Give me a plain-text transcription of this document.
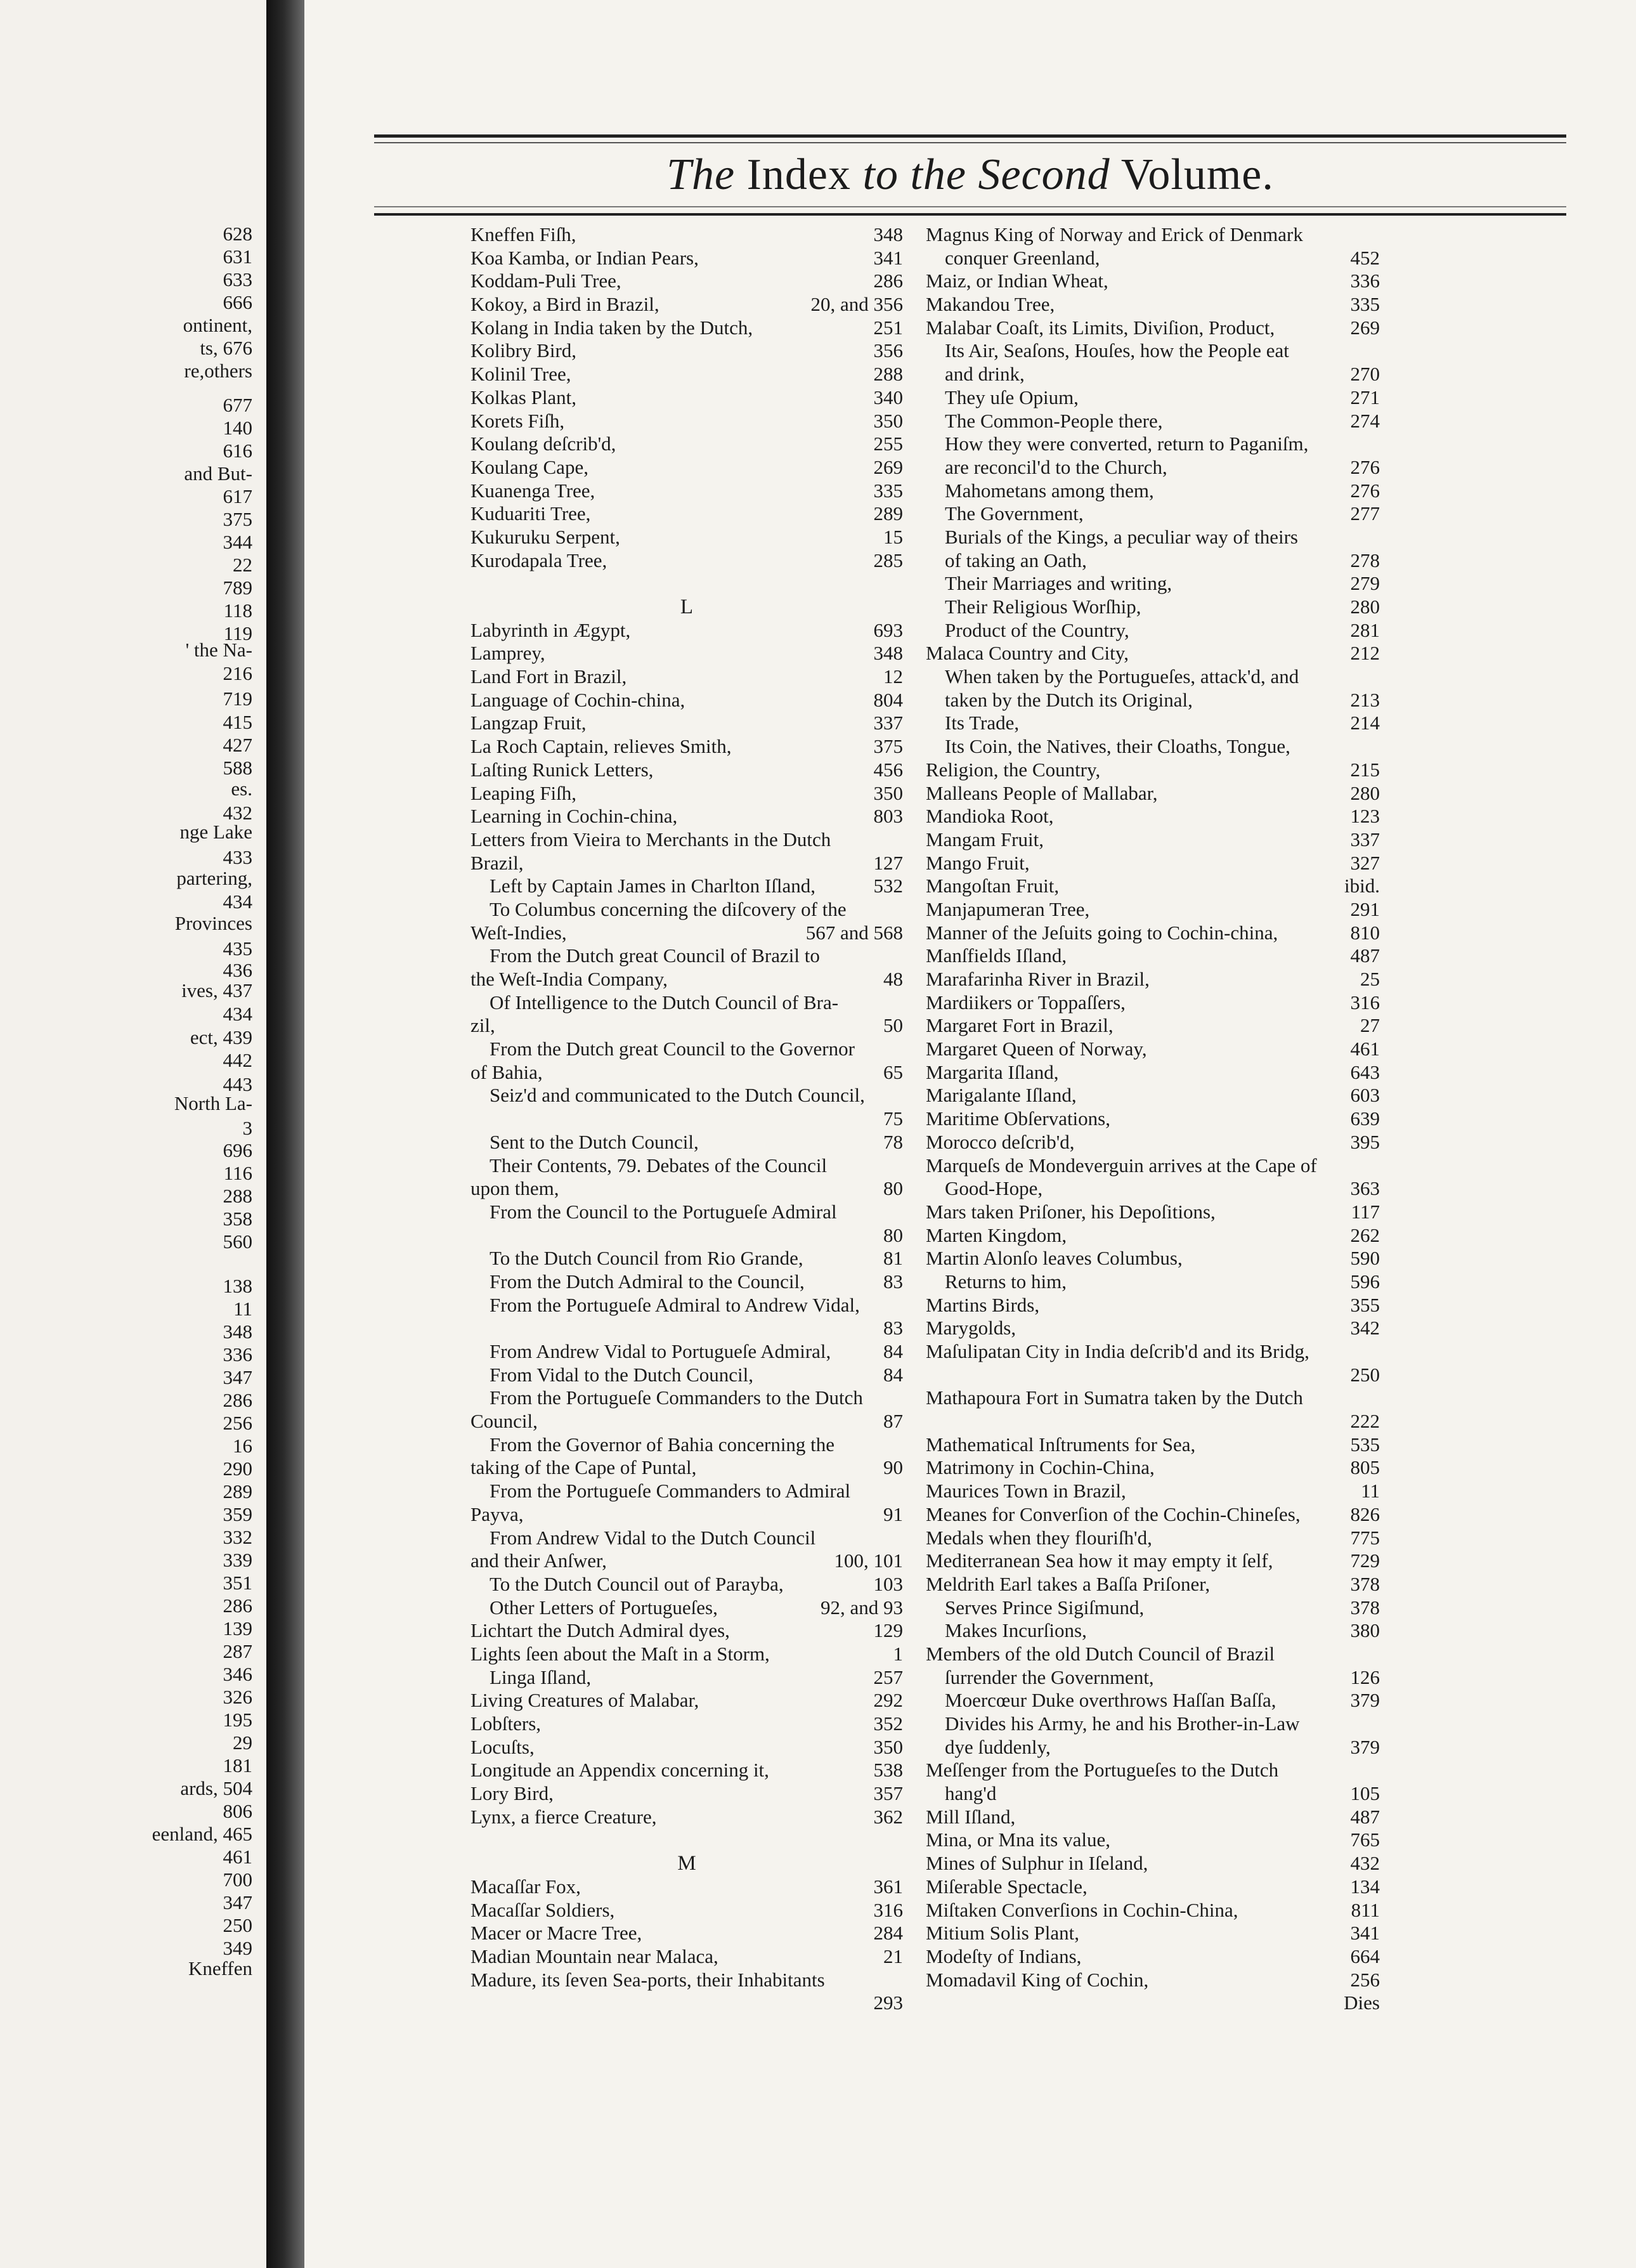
628
631
633
666
ontinent,
ts, 676
re,others
677
140
616
and But-
617
375
344
22
789
118
119
' the Na-
216
719
415
427
588
es.
432
nge Lake
433
partering,
434
Provinces
435
436
ives, 437
434
ect, 439
442
443
North La-
3
696
116
288
358
560
138
11
348
336
347
286
256
16
290
289
359
332
339
351
286
139
287
346
326
195
29
181
ards, 504
806
eenland, 465
461
700
347
250
349
Kneffen
The Index to the Second Volume.
Kneffen Fiſh,	348
Koa Kamba, or Indian Pears,	341
Koddam-Puli Tree,	286
Kokoy, a Bird in Brazil,	20, and 356
Kolang in India taken by the Dutch,	251
Kolibry Bird,	356
Kolinil Tree,	288
Kolkas Plant,	340
Korets Fiſh,	350
Koulang deſcrib'd,	255
Koulang Cape,	269
Kuanenga Tree,	335
Kuduariti Tree,	289
Kukuruku Serpent,	15
Kurodapala Tree,	285
L
Labyrinth in Ægypt,	693
Lamprey,	348
Land Fort in Brazil,	12
Language of Cochin-china,	804
Langzap Fruit,	337
La Roch Captain, relieves Smith,	375
Laſting Runick Letters,	456
Leaping Fiſh,	350
Learning in Cochin-china,	803
Letters from Vieira to Merchants in the Dutch
Brazil,	127
Left by Captain James in Charlton Iſland,	532
To Columbus concerning the diſcovery of the
Weſt-Indies,	567 and 568
From the Dutch great Council of Brazil to
the Weſt-India Company,	48
Of Intelligence to the Dutch Council of Bra-
zil,	50
From the Dutch great Council to the Governor
of Bahia,	65
Seiz'd and communicated to the Dutch Council,
75
Sent to the Dutch Council,	78
Their Contents, 79. Debates of the Council
upon them,	80
From the Council to the Portugueſe Admiral
80
To the Dutch Council from Rio Grande,	81
From the Dutch Admiral to the Council,	83
From the Portugueſe Admiral to Andrew Vidal,
83
From Andrew Vidal to Portugueſe Admiral,	84
From Vidal to the Dutch Council,	84
From the Portugueſe Commanders to the Dutch
Council,	87
From the Governor of Bahia concerning the
taking of the Cape of Puntal,	90
From the Portugueſe Commanders to Admiral
Payva,	91
From Andrew Vidal to the Dutch Council
and their Anſwer,	100, 101
To the Dutch Council out of Parayba,	103
Other Letters of Portugueſes,	92, and 93
Lichtart the Dutch Admiral dyes,	129
Lights ſeen about the Maſt in a Storm,	1
Linga Iſland,	257
Living Creatures of Malabar,	292
Lobſters,	352
Locuſts,	350
Longitude an Appendix concerning it,	538
Lory Bird,	357
Lynx, a fierce Creature,	362
M
Macaſſar Fox,	361
Macaſſar Soldiers,	316
Macer or Macre Tree,	284
Madian Mountain near Malaca,	21
Madure, its ſeven Sea-ports, their Inhabitants
293
Magnus King of Norway and Erick of Denmark
conquer Greenland,	452
Maiz, or Indian Wheat,	336
Makandou Tree,	335
Malabar Coaſt, its Limits, Diviſion, Product,	269
Its Air, Seaſons, Houſes, how the People eat
and drink,	270
They uſe Opium,	271
The Common-People there,	274
How they were converted, return to Paganiſm,
are reconcil'd to the Church,	276
Mahometans among them,	276
The Government,	277
Burials of the Kings, a peculiar way of theirs
of taking an Oath,	278
Their Marriages and writing,	279
Their Religious Worſhip,	280
Product of the Country,	281
Malaca Country and City,	212
When taken by the Portugueſes, attack'd, and
taken by the Dutch its Original,	213
Its Trade,	214
Its Coin, the Natives, their Cloaths, Tongue,
Religion, the Country,	215
Malleans People of Mallabar,	280
Mandioka Root,	123
Mangam Fruit,	337
Mango Fruit,	327
Mangoſtan Fruit,	ibid.
Manjapumeran Tree,	291
Manner of the Jeſuits going to Cochin-china,	810
Manſfields Iſland,	487
Marafarinha River in Brazil,	25
Mardiikers or Toppaſſers,	316
Margaret Fort in Brazil,	27
Margaret Queen of Norway,	461
Margarita Iſland,	643
Marigalante Iſland,	603
Maritime Obſervations,	639
Morocco deſcrib'd,	395
Marqueſs de Mondeverguin arrives at the Cape of
Good-Hope,	363
Mars taken Priſoner, his Depoſitions,	117
Marten Kingdom,	262
Martin Alonſo leaves Columbus,	590
Returns to him,	596
Martins Birds,	355
Marygolds,	342
Maſulipatan City in India deſcrib'd and its Bridg,
250
Mathapoura Fort in Sumatra taken by the Dutch
222
Mathematical Inſtruments for Sea,	535
Matrimony in Cochin-China,	805
Maurices Town in Brazil,	11
Meanes for Converſion of the Cochin-Chineſes,	826
Medals when they flouriſh'd,	775
Mediterranean Sea how it may empty it ſelf,	729
Meldrith Earl takes a Baſſa Priſoner,	378
Serves Prince Sigiſmund,	378
Makes Incurſions,	380
Members of the old Dutch Council of Brazil
ſurrender the Government,	126
Moercœur Duke overthrows Haſſan Baſſa,	379
Divides his Army, he and his Brother-in-Law
dye ſuddenly,	379
Meſſenger from the Portugueſes to the Dutch
hang'd	105
Mill Iſland,	487
Mina, or Mna its value,	765
Mines of Sulphur in Iſeland,	432
Miſerable Spectacle,	134
Miſtaken Converſions in Cochin-China,	811
Mitium Solis Plant,	341
Modeſty of Indians,	664
Momadavil King of Cochin,	256
Dies
